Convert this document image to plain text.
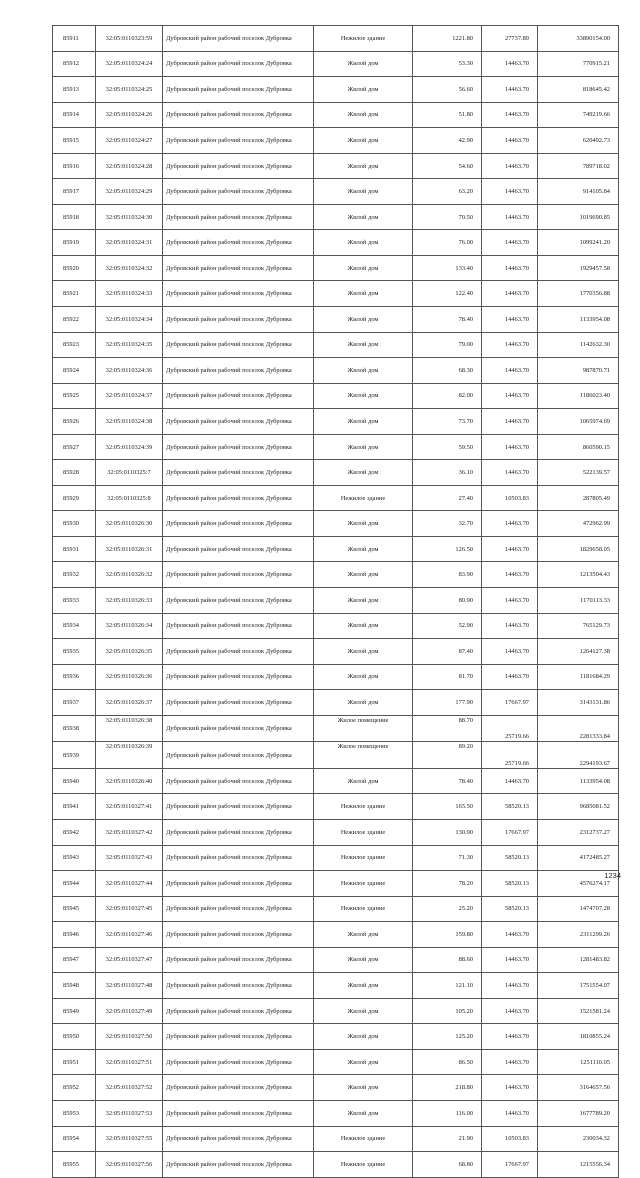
85911	32:05:0110323:59	Дубровский район рабочий поселок Дубровка	Нежилое здание	1221.80	27737.89	33890154.00
85912	32:05:0110324:24	Дубровский район рабочий поселок Дубровка	Жилой дом	53.30	14463.70	770915.21
85913	32:05:0110324:25	Дубровский район рабочий поселок Дубровка	Жилой дом	56.60	14463.70	818645.42
85914	32:05:0110324:26	Дубровский район рабочий поселок Дубровка	Жилой дом	51.80	14463.70	749219.66
85915	32:05:0110324:27	Дубровский район рабочий поселок Дубровка	Жилой дом	42.90	14463.70	620492.73
85916	32:05:0110324:28	Дубровский район рабочий поселок Дубровка	Жилой дом	54.60	14463.70	789718.02
85917	32:05:0110324:29	Дубровский район рабочий поселок Дубровка	Жилой дом	63.20	14463.70	914105.84
85918	32:05:0110324:30	Дубровский район рабочий поселок Дубровка	Жилой дом	70.50	14463.70	1019690.85
85919	32:05:0110324:31	Дубровский район рабочий поселок Дубровка	Жилой дом	76.00	14463.70	1099241.20
85920	32:05:0110324:32	Дубровский район рабочий поселок Дубровка	Жилой дом	133.40	14463.70	1929457.58
85921	32:05:0110324:33	Дубровский район рабочий поселок Дубровка	Жилой дом	122.40	14463.70	1770356.88
85922	32:05:0110324:34	Дубровский район рабочий поселок Дубровка	Жилой дом	78.40	14463.70	1133954.08
85923	32:05:0110324:35	Дубровский район рабочий поселок Дубровка	Жилой дом	79.00	14463.70	1142632.30
85924	32:05:0110324:36	Дубровский район рабочий поселок Дубровка	Жилой дом	68.30	14463.70	987870.71
85925	32:05:0110324:37	Дубровский район рабочий поселок Дубровка	Жилой дом	82.00	14463.70	1186023.40
85926	32:05:0110324:38	Дубровский район рабочий поселок Дубровка	Жилой дом	73.70	14463.70	1065974.69
85927	32:05:0110324:39	Дубровский район рабочий поселок Дубровка	Жилой дом	59.50	14463.70	860590.15
85928	32:05:0110325:7	Дубровский район рабочий поселок Дубровка	Жилой дом	36.10	14463.70	522139.57
85929	32:05:0110325:8	Дубровский район рабочий поселок Дубровка	Нежилое здание	27.40	10503.83	287805.49
85930	32:05:0110326:30	Дубровский район рабочий поселок Дубровка	Жилой дом	32.70	14463.70	472962.99
85931	32:05:0110326:31	Дубровский район рабочий поселок Дубровка	Жилой дом	126.50	14463.70	1829658.05
85932	32:05:0110326:32	Дубровский район рабочий поселок Дубровка	Жилой дом	83.90	14463.70	1213504.43
85933	32:05:0110326:33	Дубровский район рабочий поселок Дубровка	Жилой дом	80.90	14463.70	1170113.33
85934	32:05:0110326:34	Дубровский район рабочий поселок Дубровка	Жилой дом	52.90	14463.70	765129.73
85935	32:05:0110326:35	Дубровский район рабочий поселок Дубровка	Жилой дом	87.40	14463.70	1264127.38
85936	32:05:0110326:36	Дубровский район рабочий поселок Дубровка	Жилой дом	81.70	14463.70	1181684.29
85937	32:05:0110326:37	Дубровский район рабочий поселок Дубровка	Жилой дом	177.90	17667.97	3143131.86
85938	32:05:0110326:38	Дубровский район рабочий поселок Дубровка	Жилое помещение	88.70	25719.66	2281333.84
85939	32:05:0110326:39	Дубровский район рабочий поселок Дубровка	Жилое помещение	89.20	25719.66	2294193.67
85940	32:05:0110326:40	Дубровский район рабочий поселок Дубровка	Жилой дом	78.40	14463.70	1133954.08
85941	32:05:0110327:41	Дубровский район рабочий поселок Дубровка	Нежилое здание	165.50	58520.13	9685081.52
85942	32:05:0110327:42	Дубровский район рабочий поселок Дубровка	Нежилое здание	130.90	17667.97	2312737.27
85943	32:05:0110327:43	Дубровский район рабочий поселок Дубровка	Нежилое здание	71.30	58520.13	4172485.27
85944	32:05:0110327:44	Дубровский район рабочий поселок Дубровка	Нежилое здание	78.20	58520.13	4576274.17
85945	32:05:0110327:45	Дубровский район рабочий поселок Дубровка	Нежилое здание	25.20	58520.13	1474707.28
85946	32:05:0110327:46	Дубровский район рабочий поселок Дубровка	Жилой дом	159.80	14463.70	2311299.26
85947	32:05:0110327:47	Дубровский район рабочий поселок Дубровка	Жилой дом	88.60	14463.70	1281483.82
85948	32:05:0110327:48	Дубровский район рабочий поселок Дубровка	Жилой дом	121.10	14463.70	1751554.07
85949	32:05:0110327:49	Дубровский район рабочий поселок Дубровка	Жилой дом	105.20	14463.70	1521581.24
85950	32:05:0110327:50	Дубровский район рабочий поселок Дубровка	Жилой дом	125.20	14463.70	1810855.24
85951	32:05:0110327:51	Дубровский район рабочий поселок Дубровка	Жилой дом	86.50	14463.70	1251110.05
85952	32:05:0110327:52	Дубровский район рабочий поселок Дубровка	Жилой дом	218.80	14463.70	3164657.56
85953	32:05:0110327:53	Дубровский район рабочий поселок Дубровка	Жилой дом	116.00	14463.70	1677789.20
85954	32:05:0110327:55	Дубровский район рабочий поселок Дубровка	Нежилое здание	21.90	10503.83	230034.32
85955	32:05:0110327:56	Дубровский район рабочий поселок Дубровка	Нежилое здание	68.80	17667.97	1215556.34
1234
